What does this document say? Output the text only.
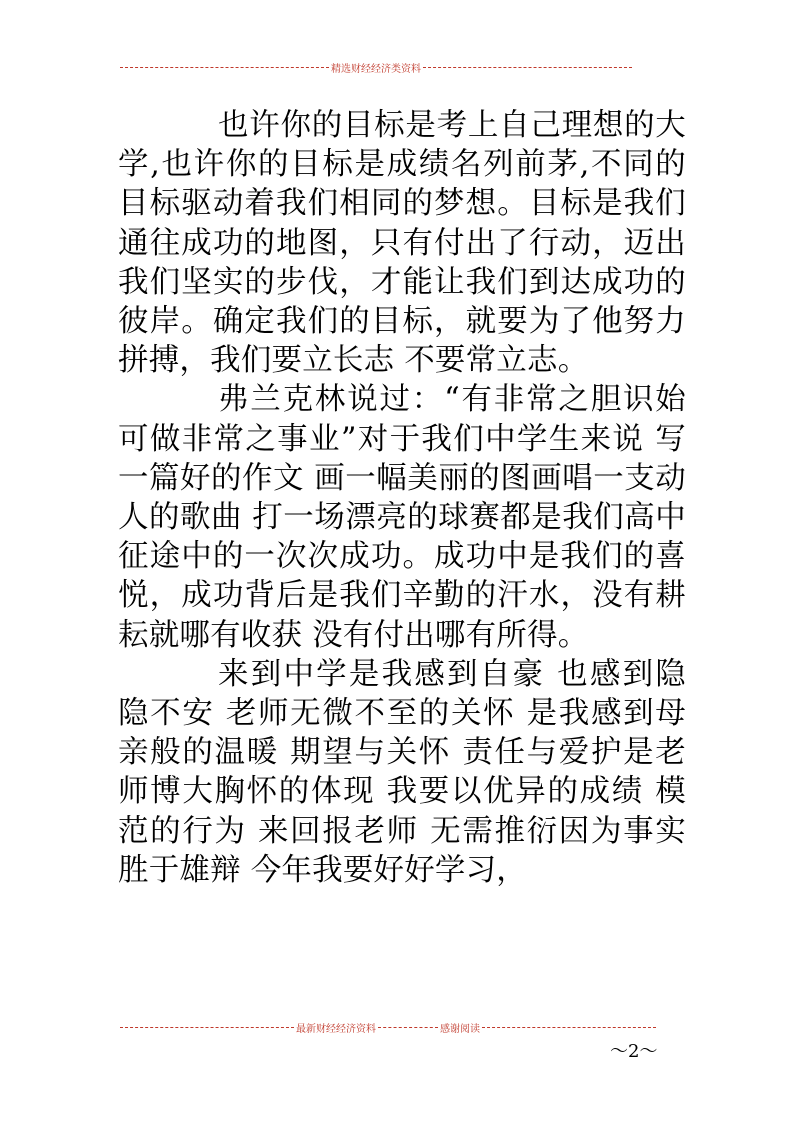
精选财经经济类资料

也许你的目标是考上自己理想的大学,也许你的目标是成绩名列前茅,不同的目标驱动着我们相同的梦想。目标是我们通往成功的地图，只有付出了行动，迈出我们坚实的步伐，才能让我们到达成功的彼岸。确定我们的目标，就要为了他努力拼搏，我们要立长志 不要常立志。

弗兰克林说过：“有非常之胆识始可做非常之事业”对于我们中学生来说 写一篇好的作文 画一幅美丽的图画唱一支动人的歌曲 打一场漂亮的球赛都是我们高中征途中的一次次成功。成功中是我们的喜悦，成功背后是我们辛勤的汗水，没有耕耘就哪有收获 没有付出哪有所得。

来到中学是我感到自豪 也感到隐隐不安 老师无微不至的关怀 是我感到母亲般的温暖 期望与关怀 责任与爱护是老师博大胸怀的体现 我要以优异的成绩 模范的行为 来回报老师 无需推衍因为事实胜于雄辩 今年我要好好学习，

最新财经经济资料	感谢阅读
～2～
